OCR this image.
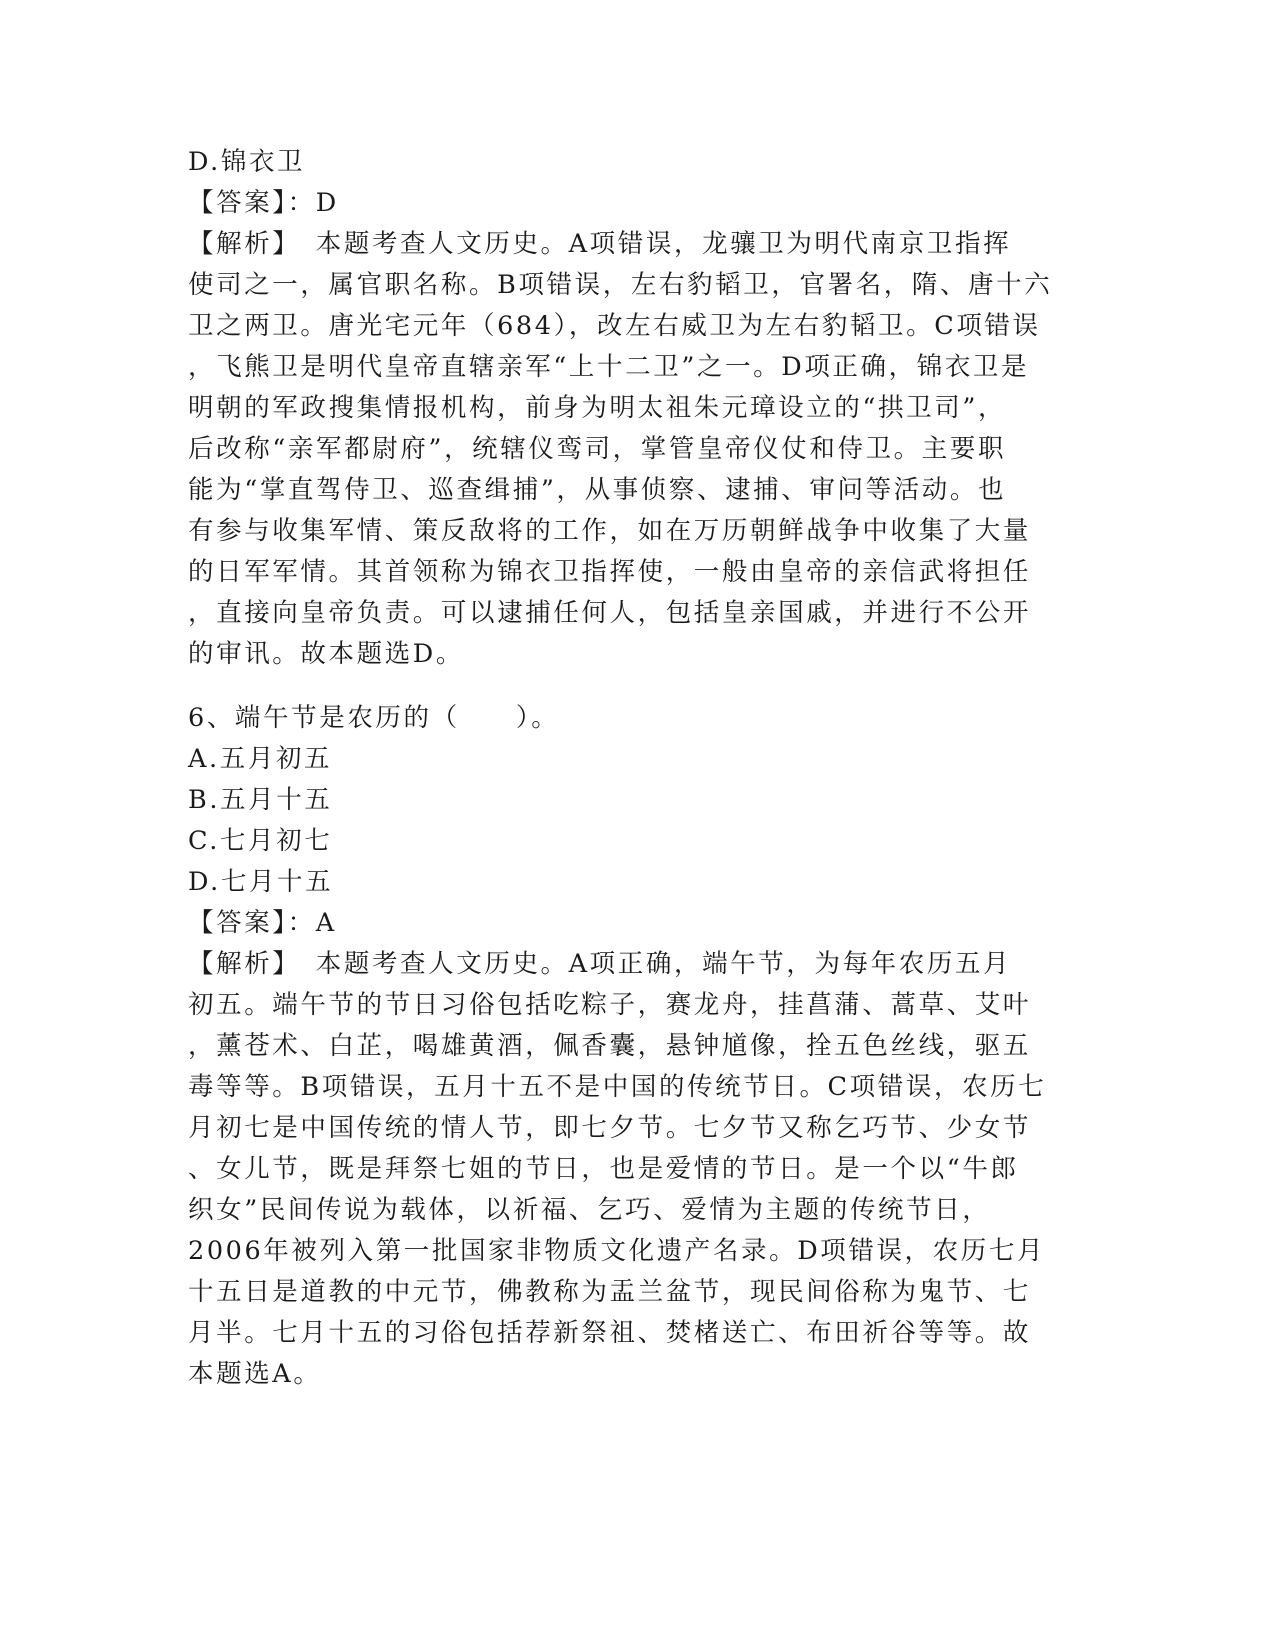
D.锦衣卫
【答案】：D
【解析】　本题考查人文历史。A项错误，龙骧卫为明代南京卫指挥
使司之一，属官职名称。B项错误，左右豹韬卫，官署名，隋、唐十六
卫之两卫。唐光宅元年（684），改左右威卫为左右豹韬卫。C项错误
，飞熊卫是明代皇帝直辖亲军“上十二卫”之一。D项正确，锦衣卫是
明朝的军政搜集情报机构，前身为明太祖朱元璋设立的“拱卫司”，
后改称“亲军都尉府”，统辖仪鸾司，掌管皇帝仪仗和侍卫。主要职
能为“掌直驾侍卫、巡查缉捕”，从事侦察、逮捕、审问等活动。也
有参与收集军情、策反敌将的工作，如在万历朝鲜战争中收集了大量
的日军军情。其首领称为锦衣卫指挥使，一般由皇帝的亲信武将担任
，直接向皇帝负责。可以逮捕任何人，包括皇亲国戚，并进行不公开
的审讯。故本题选D。
6、端午节是农历的（　　）。
A.五月初五
B.五月十五
C.七月初七
D.七月十五
【答案】：A
【解析】　本题考查人文历史。A项正确，端午节，为每年农历五月
初五。端午节的节日习俗包括吃粽子，赛龙舟，挂菖蒲、蒿草、艾叶
，薰苍术、白芷，喝雄黄酒，佩香囊，悬钟馗像，拴五色丝线，驱五
毒等等。B项错误，五月十五不是中国的传统节日。C项错误，农历七
月初七是中国传统的情人节，即七夕节。七夕节又称乞巧节、少女节
、女儿节，既是拜祭七姐的节日，也是爱情的节日。是一个以“牛郎
织女”民间传说为载体，以祈福、乞巧、爱情为主题的传统节日，
2006年被列入第一批国家非物质文化遗产名录。D项错误，农历七月
十五日是道教的中元节，佛教称为盂兰盆节，现民间俗称为鬼节、七
月半。七月十五的习俗包括荐新祭祖、焚楮送亡、布田祈谷等等。故
本题选A。
